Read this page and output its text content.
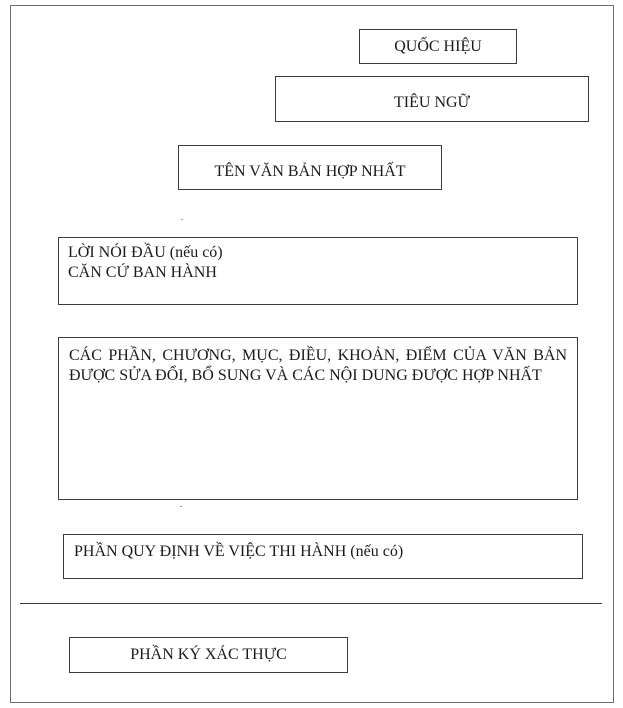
QUỐC HIỆU
TIÊU NGỮ
TÊN VĂN BẢN HỢP NHẤT
LỜI NÓI ĐẦU (nếu có)
CĂN CỨ BAN HÀNH
CÁC PHẦN, CHƯƠNG, MỤC, ĐIỀU, KHOẢN, ĐIỂM CỦA VĂN BẢN ĐƯỢC SỬA ĐỔI, BỔ SUNG VÀ CÁC NỘI DUNG ĐƯỢC HỢP NHẤT
PHẦN QUY ĐỊNH VỀ VIỆC THI HÀNH (nếu có)
PHẦN KÝ XÁC THỰC
